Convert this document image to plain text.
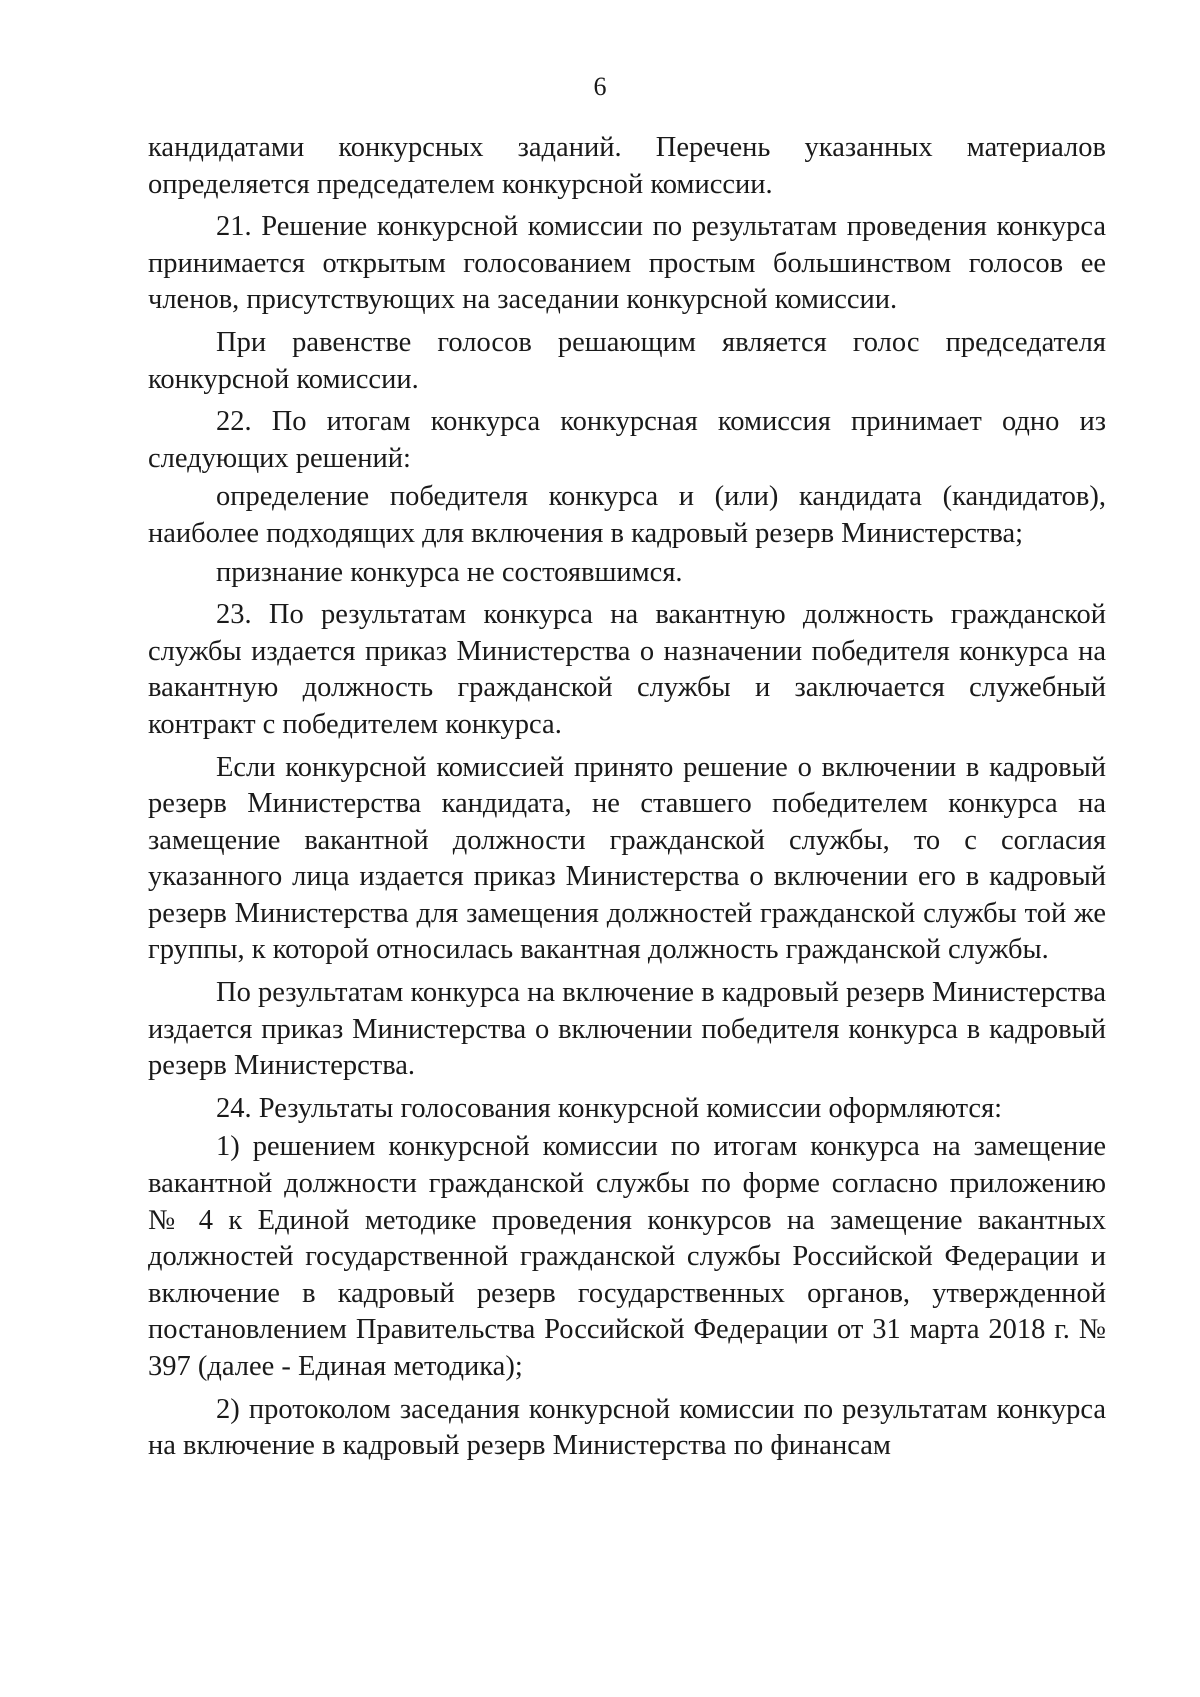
6

кандидатами конкурсных заданий. Перечень указанных материалов определяется председателем конкурсной комиссии.

21. Решение конкурсной комиссии по результатам проведения конкурса принимается открытым голосованием простым большинством голосов ее членов, присутствующих на заседании конкурсной комиссии.

При равенстве голосов решающим является голос председателя конкурсной комиссии.

22. По итогам конкурса конкурсная комиссия принимает одно из следующих решений:

определение победителя конкурса и (или) кандидата (кандидатов), наиболее подходящих для включения в кадровый резерв Министерства;

признание конкурса не состоявшимся.

23. По результатам конкурса на вакантную должность гражданской службы издается приказ Министерства о назначении победителя конкурса на вакантную должность гражданской службы и заключается служебный контракт с победителем конкурса.

Если конкурсной комиссией принято решение о включении в кадровый резерв Министерства кандидата, не ставшего победителем конкурса на замещение вакантной должности гражданской службы, то с согласия указанного лица издается приказ Министерства о включении его в кадровый резерв Министерства для замещения должностей гражданской службы той же группы, к которой относилась вакантная должность гражданской службы.

По результатам конкурса на включение в кадровый резерв Министерства издается приказ Министерства о включении победителя конкурса в кадровый резерв Министерства.

24. Результаты голосования конкурсной комиссии оформляются:

1) решением конкурсной комиссии по итогам конкурса на замещение вакантной должности гражданской службы по форме согласно приложению № 4 к Единой методике проведения конкурсов на замещение вакантных должностей государственной гражданской службы Российской Федерации и включение в кадровый резерв государственных органов, утвержденной постановлением Правительства Российской Федерации от 31 марта 2018 г. № 397 (далее - Единая методика);

2) протоколом заседания конкурсной комиссии по результатам конкурса на включение в кадровый резерв Министерства по финансам
